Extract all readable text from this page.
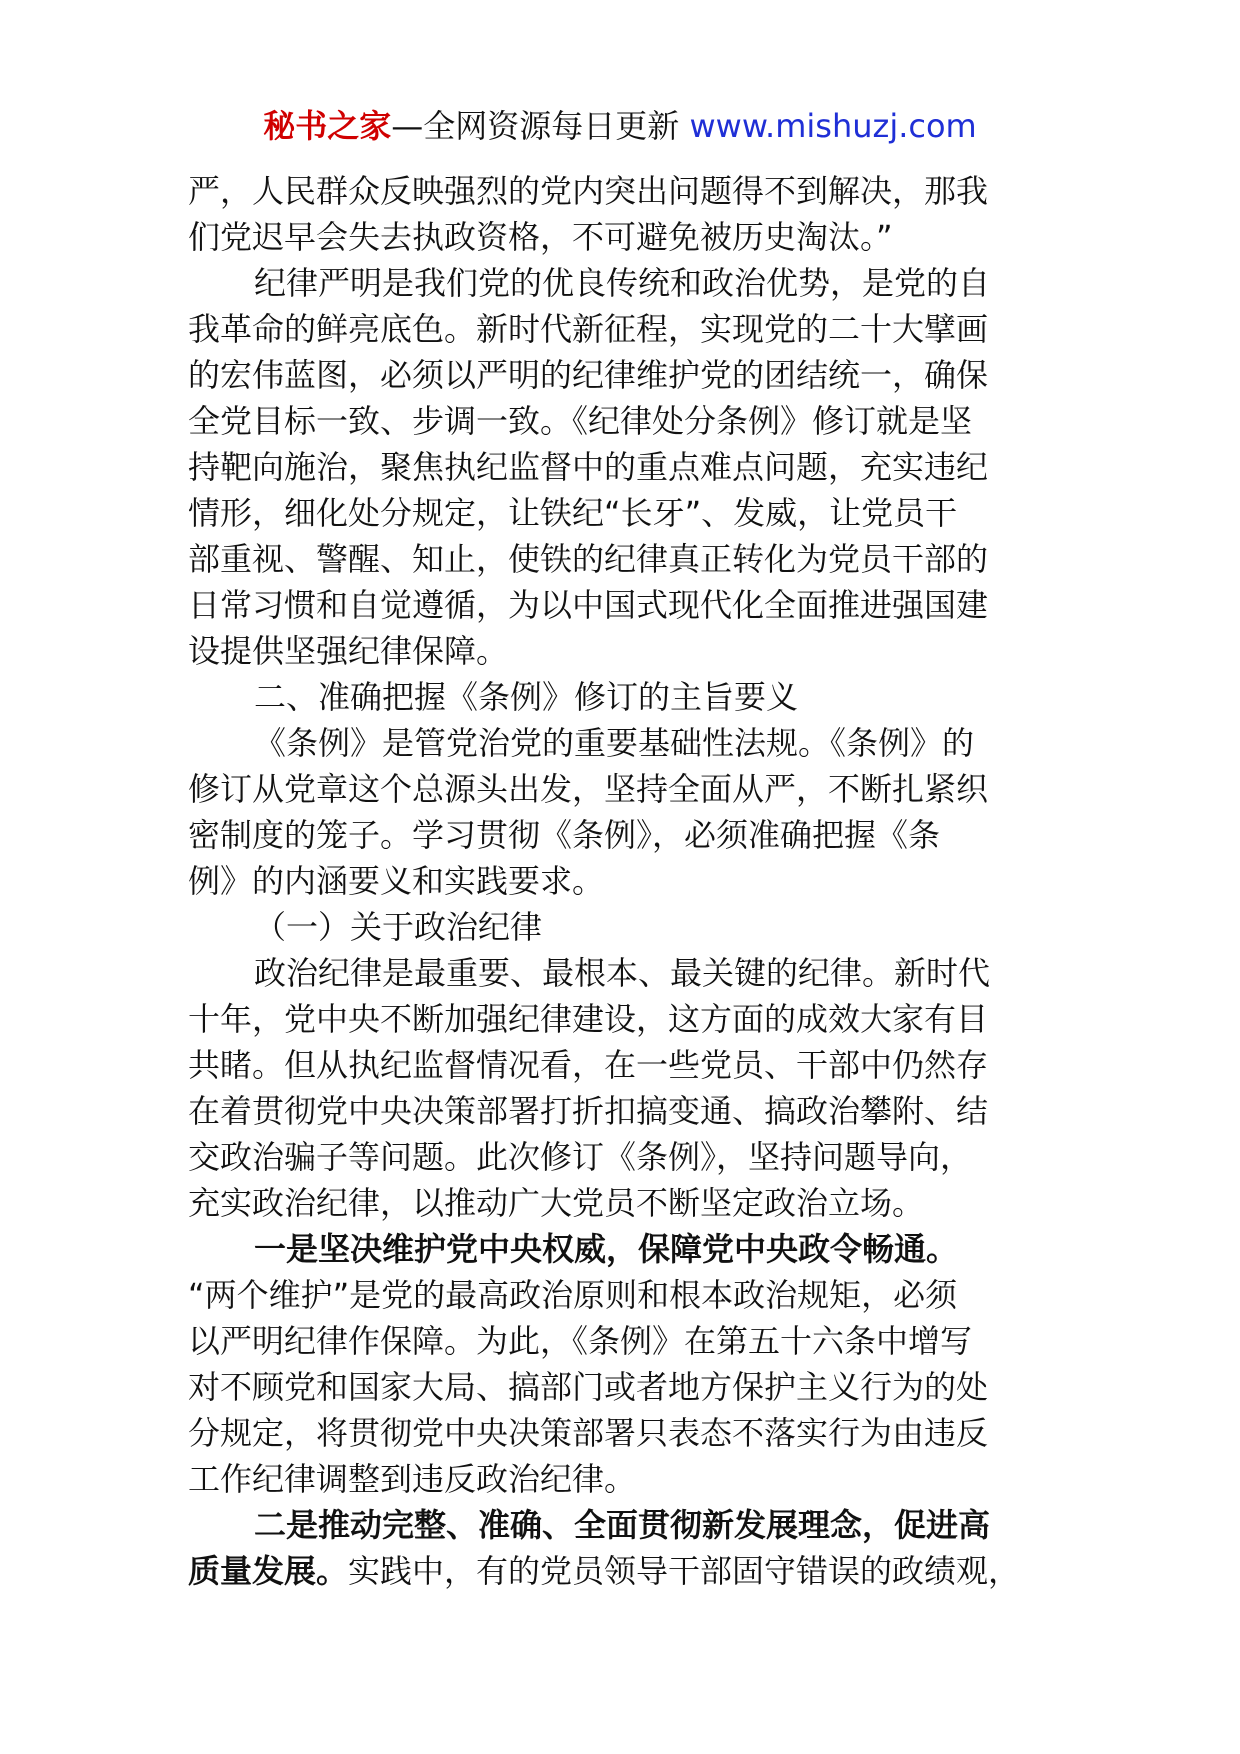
秘书之家—全网资源每日更新 www.mishuzj.com
严，人民群众反映强烈的党内突出问题得不到解决，那我
们党迟早会失去执政资格，不可避免被历史淘汰。”
纪律严明是我们党的优良传统和政治优势，是党的自
我革命的鲜亮底色。新时代新征程，实现党的二十大擘画
的宏伟蓝图，必须以严明的纪律维护党的团结统一，确保
全党目标一致、步调一致。《纪律处分条例》修订就是坚
持靶向施治，聚焦执纪监督中的重点难点问题，充实违纪
情形，细化处分规定，让铁纪“长牙”、发威，让党员干
部重视、警醒、知止，使铁的纪律真正转化为党员干部的
日常习惯和自觉遵循，为以中国式现代化全面推进强国建
设提供坚强纪律保障。
二、准确把握《条例》修订的主旨要义
《条例》是管党治党的重要基础性法规。《条例》的
修订从党章这个总源头出发，坚持全面从严，不断扎紧织
密制度的笼子。学习贯彻《条例》，必须准确把握《条
例》的内涵要义和实践要求。
（一）关于政治纪律
政治纪律是最重要、最根本、最关键的纪律。新时代
十年，党中央不断加强纪律建设，这方面的成效大家有目
共睹。但从执纪监督情况看，在一些党员、干部中仍然存
在着贯彻党中央决策部署打折扣搞变通、搞政治攀附、结
交政治骗子等问题。此次修订《条例》，坚持问题导向，
充实政治纪律，以推动广大党员不断坚定政治立场。
一是坚决维护党中央权威，保障党中央政令畅通。
“两个维护”是党的最高政治原则和根本政治规矩，必须
以严明纪律作保障。为此，《条例》在第五十六条中增写
对不顾党和国家大局、搞部门或者地方保护主义行为的处
分规定，将贯彻党中央决策部署只表态不落实行为由违反
工作纪律调整到违反政治纪律。
二是推动完整、准确、全面贯彻新发展理念，促进高
质量发展。实践中，有的党员领导干部固守错误的政绩观，
